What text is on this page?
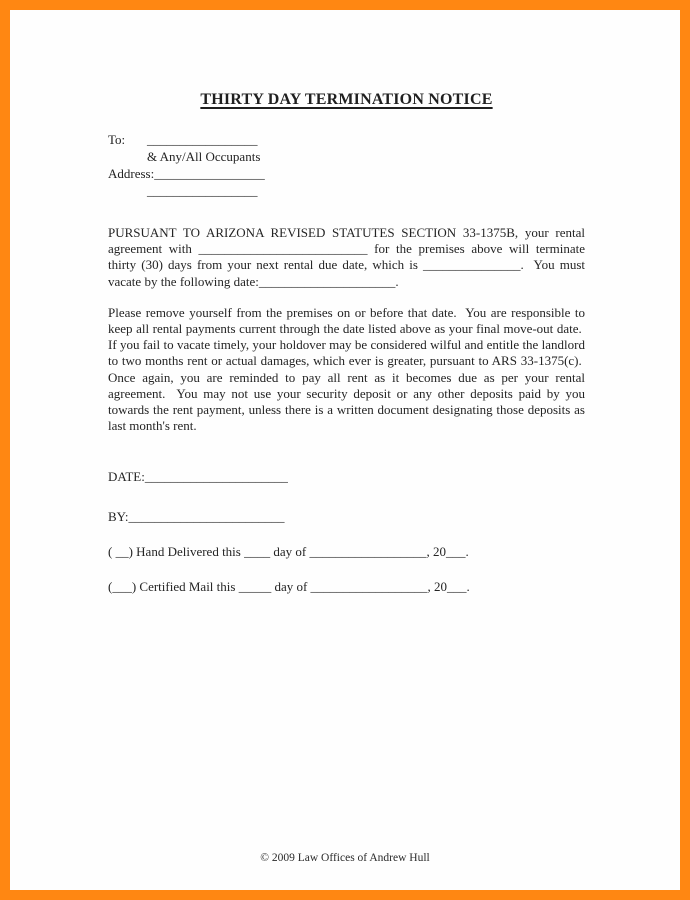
THIRTY DAY TERMINATION NOTICE
To: _________________
& Any/All Occupants
Address:_________________
_________________

PURSUANT TO ARIZONA REVISED STATUTES SECTION 33-1375B, your rental agreement with __________________________ for the premises above will terminate thirty (30) days from your next rental due date, which is _______________.  You must vacate by the following date:_____________________.

Please remove yourself from the premises on or before that date.  You are responsible to keep all rental payments current through the date listed above as your final move-out date.  If you fail to vacate timely, your holdover may be considered wilful and entitle the landlord to two months rent or actual damages, which ever is greater, pursuant to ARS 33-1375(c).  Once again, you are reminded to pay all rent as it becomes due as per your rental agreement.  You may not use your security deposit or any other deposits paid by you towards the rent payment, unless there is a written document designating those deposits as last month's rent.

DATE:______________________
BY:________________________
( __) Hand Delivered this ____ day of __________________, 20___.
(___) Certified Mail this _____ day of __________________, 20___.
© 2009 Law Offices of Andrew Hull
